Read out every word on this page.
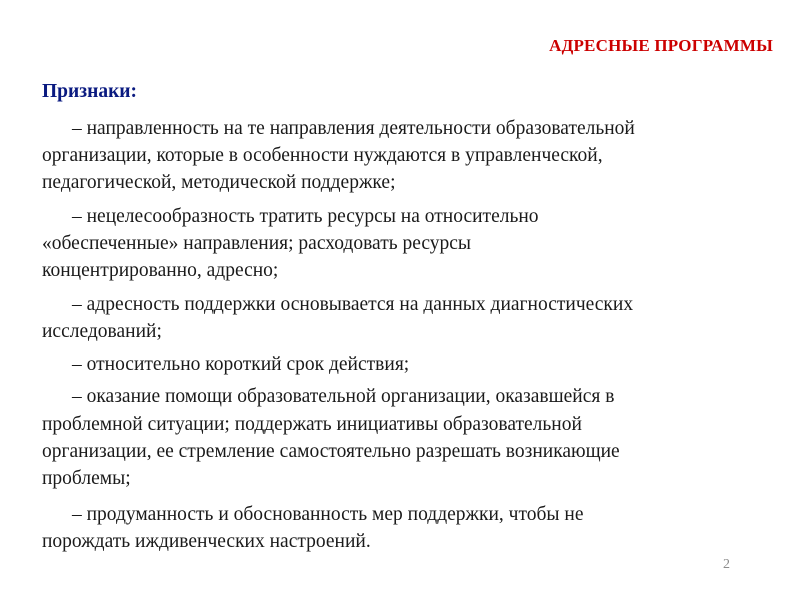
АДРЕСНЫЕ ПРОГРАММЫ
Признаки:
– направленность на те направления деятельности образовательной
организации, которые в особенности нуждаются в управленческой,
педагогической, методической поддержке;
– нецелесообразность тратить ресурсы на относительно
«обеспеченные» направления; расходовать ресурсы
концентрированно, адресно;
– адресность поддержки основывается на данных диагностических
исследований;
– относительно короткий срок действия;
– оказание помощи образовательной организации, оказавшейся в
проблемной ситуации; поддержать инициативы образовательной
организации, ее стремление самостоятельно разрешать возникающие
проблемы;
– продуманность и обоснованность мер поддержки, чтобы не
порождать иждивенческих настроений.
2
